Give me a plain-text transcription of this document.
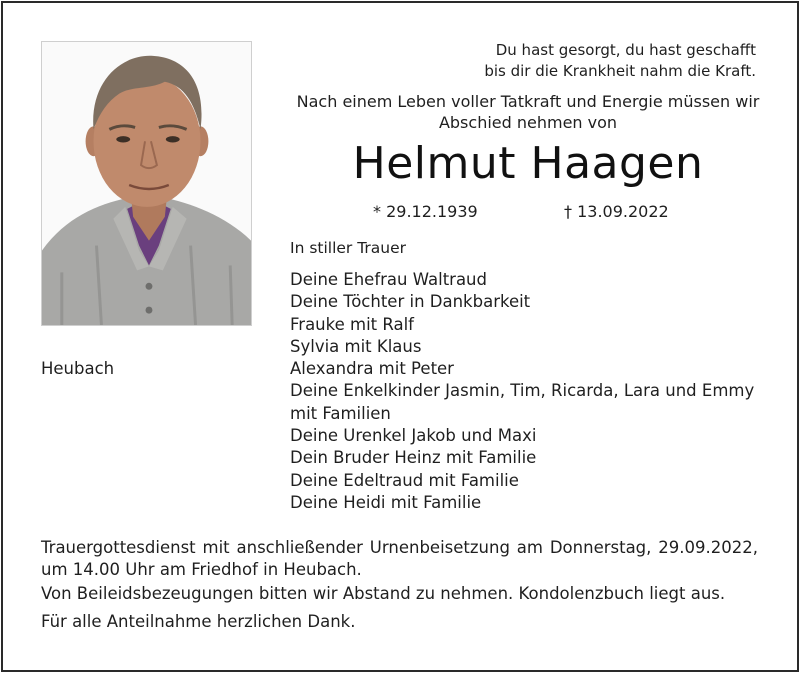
Heubach
Du hast gesorgt, du hast geschafft
bis dir die Krankheit nahm die Kraft.
Nach einem Leben voller Tatkraft und Energie müssen wir
Abschied nehmen von
Helmut Haagen
* 29.12.1939	† 13.09.2022
In stiller Trauer
Deine Ehefrau Waltraud
Deine Töchter in Dankbarkeit
Frauke mit Ralf
Sylvia mit Klaus
Alexandra mit Peter
Deine Enkelkinder Jasmin, Tim, Ricarda, Lara und Emmy
mit Familien
Deine Urenkel Jakob und Maxi
Dein Bruder Heinz mit Familie
Deine Edeltraud mit Familie
Deine Heidi mit Familie

Trauergottesdienst mit anschließender Urnenbeisetzung am Donnerstag, 29.09.2022, um 14.00 Uhr am Friedhof in Heubach.

Von Beileidsbezeugungen bitten wir Abstand zu nehmen. Kondolenzbuch liegt aus.

Für alle Anteilnahme herzlichen Dank.
